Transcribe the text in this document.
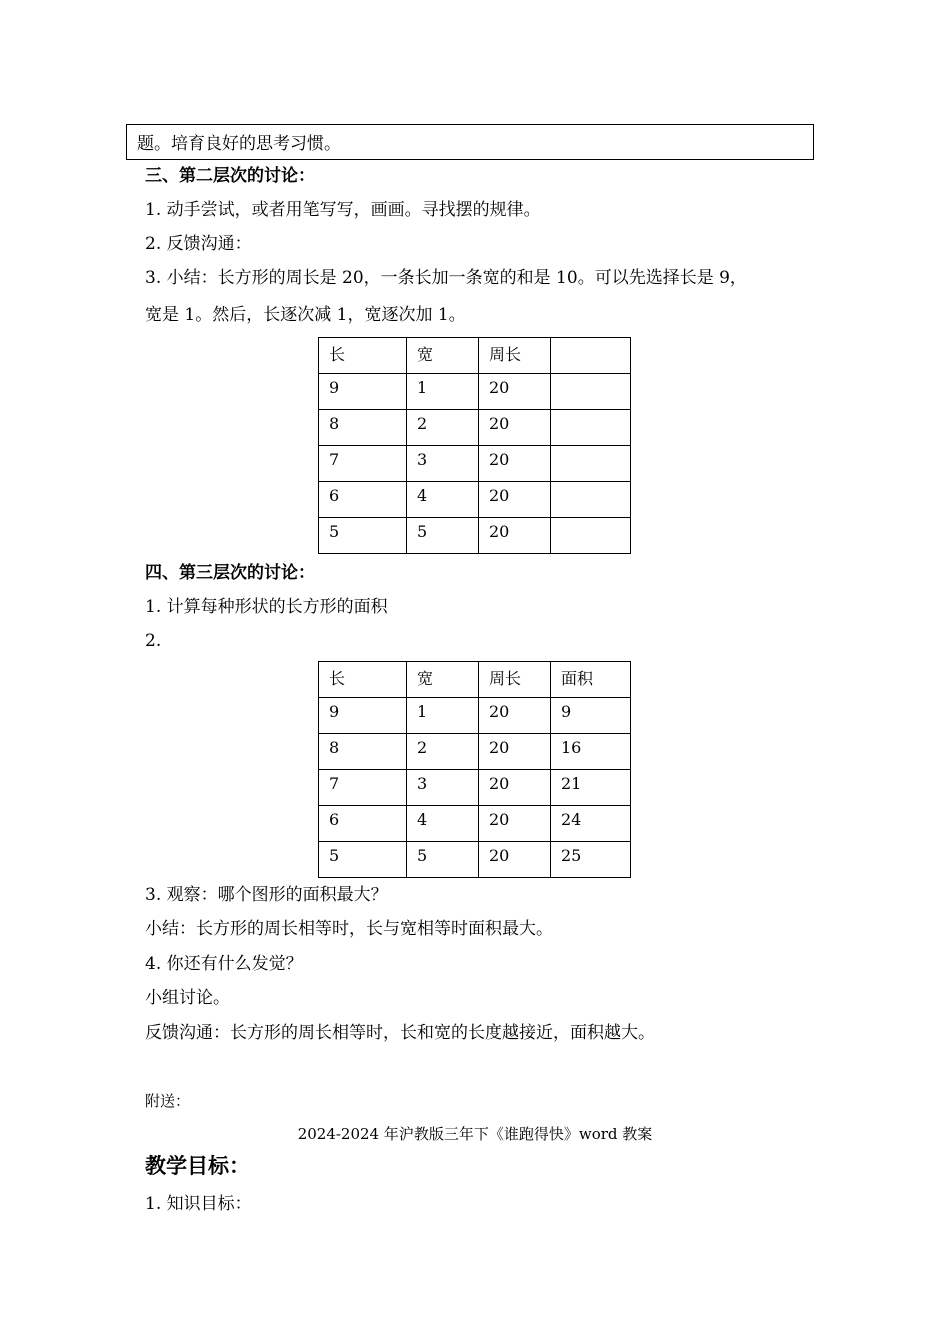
题。培育良好的思考习惯。
三、第二层次的讨论：
1. 动手尝试，或者用笔写写，画画。寻找摆的规律。
2. 反馈沟通：
3. 小结：长方形的周长是 20，一条长加一条宽的和是 10。可以先选择长是 9，
宽是 1。然后，长逐次减 1，宽逐次加 1。
长	宽	周长	
9	1	20	
8	2	20	
7	3	20	
6	4	20	
5	5	20	
四、第三层次的讨论：
1. 计算每种形状的长方形的面积
2.
长	宽	周长	面积
9	1	20	9
8	2	20	16
7	3	20	21
6	4	20	24
5	5	20	25
3. 观察：哪个图形的面积最大？
小结：长方形的周长相等时，长与宽相等时面积最大。
4. 你还有什么发觉？
小组讨论。
反馈沟通：长方形的周长相等时，长和宽的长度越接近，面积越大。
附送：
2024-2024 年沪教版三年下《谁跑得快》word 教案
教学目标：
1. 知识目标：
